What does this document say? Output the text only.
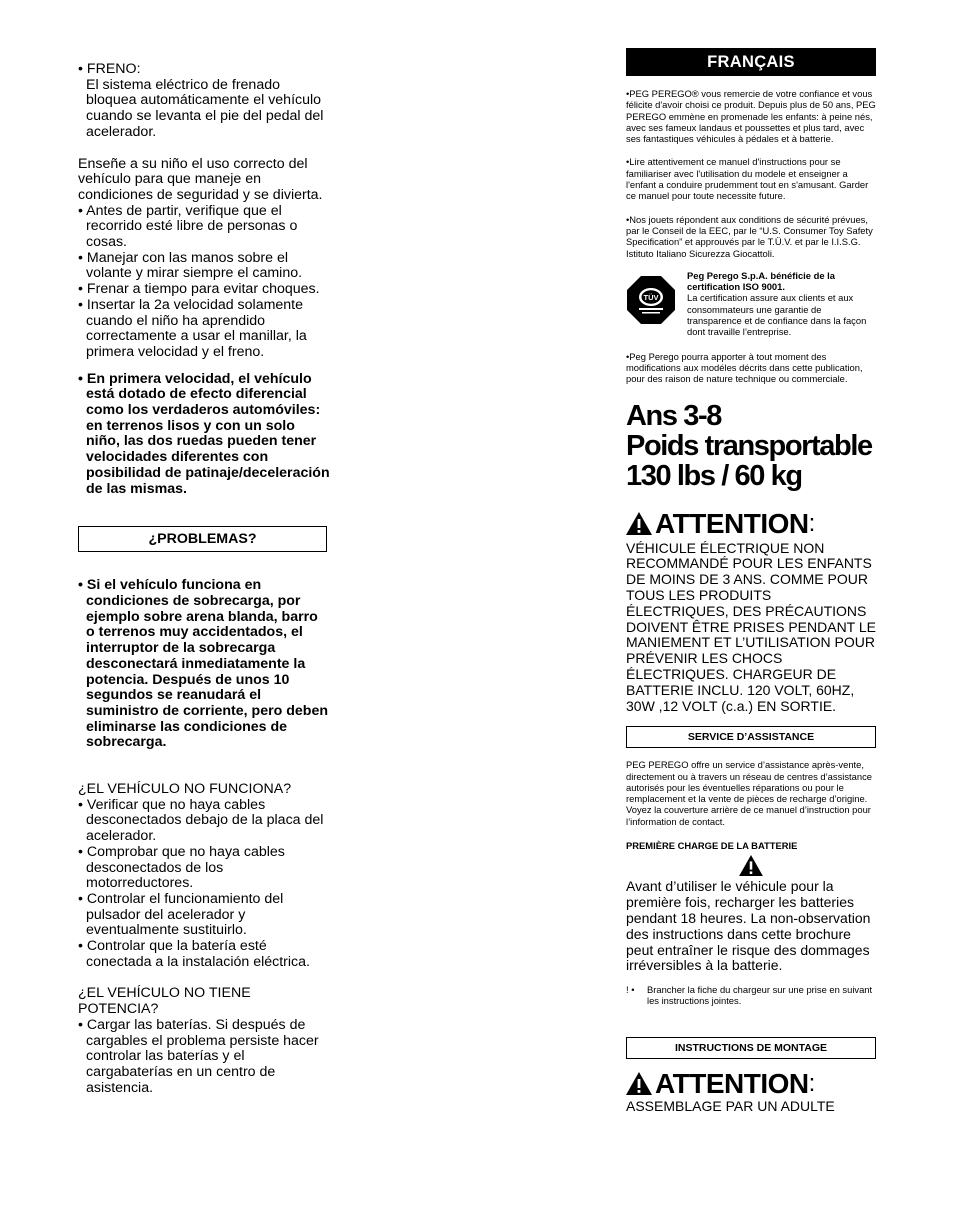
• FRENO:

El sistema eléctrico de frenado bloquea automáticamente el vehículo cuando se levanta el pie del pedal del acelerador.

Enseñe a su niño el uso correcto del vehículo para que maneje en condiciones de seguridad y se divierta.

• Antes de partir, verifique que el recorrido esté libre de personas o cosas.

• Manejar con las manos sobre el volante y mirar siempre el camino.

• Frenar a tiempo para evitar choques.

• Insertar la 2a velocidad solamente cuando el niño ha aprendido correctamente a usar el manillar, la primera velocidad y el freno.

• En primera velocidad, el vehículo está dotado de efecto diferencial como los verdaderos automóviles: en terrenos lisos y con un solo niño, las dos ruedas pueden tener velocidades diferentes con posibilidad de patinaje/deceleración de las mismas.

¿PROBLEMAS?

• Si el vehículo funciona en condiciones de sobrecarga, por ejemplo sobre arena blanda, barro o terrenos muy accidentados, el interruptor de la sobrecarga desconectará inmediatamente la potencia. Después de unos 10 segundos se reanudará el suministro de corriente, pero deben eliminarse las condiciones de sobrecarga.

¿EL VEHÍCULO NO FUNCIONA?

• Verificar que no haya cables desconectados debajo de la placa del acelerador.

• Comprobar que no haya cables desconectados de los motorreductores.

• Controlar el funcionamiento del pulsador del acelerador y eventualmente sustituirlo.

• Controlar que la batería esté conectada a la instalación eléctrica.

¿EL VEHÍCULO NO TIENE POTENCIA?

• Cargar las baterías. Si después de cargables el problema persiste hacer controlar las baterías y el cargabaterías en un centro de asistencia.

FRANÇAIS

•PEG PEREGO® vous remercie de votre confiance et vous félicite d'avoir choisi ce produit. Depuis plus de 50 ans, PEG PEREGO emmène en promenade les enfants: à peine nés, avec ses fameux landaus et poussettes et plus tard, avec ses fantastiques véhicules à pédales et à batterie.

•Lire attentivement ce manuel d'instructions pour se familiariser avec l'utilisation du modele et enseigner a l'enfant a conduire prudemment tout en s'amusant. Garder ce manuel pour toute necessite future.

•Nos jouets répondent aux conditions de sécurité prévues, par le Conseil de la EEC, par le “U.S. Consumer Toy Safety Specification” et approuvés par le T.Ü.V. et par le I.I.S.G. Istituto Italiano Sicurezza Giocattoli.

TÜV

Peg Perego S.p.A. bénéficie de la certification ISO 9001.

La certification assure aux clients et aux consommateurs une garantie de transparence et de confiance dans la façon dont travaille l’entreprise.

•Peg Perego pourra apporter à tout moment des modifications aux modéles décrits dans cette publication, pour des raison de nature technique ou commerciale.

Ans 3-8
Poids transportable
130 lbs / 60 kg
ATTENTION :

VÉHICULE ÉLECTRIQUE NON RECOMMANDÉ POUR LES ENFANTS DE MOINS DE 3 ANS. COMME POUR TOUS LES PRODUITS ÉLECTRIQUES, DES PRÉCAUTIONS DOIVENT ÊTRE PRISES PENDANT LE MANIEMENT ET L’UTILISATION POUR PRÉVENIR LES CHOCS ÉLECTRIQUES. CHARGEUR DE BATTERIE INCLU. 120 VOLT, 60HZ, 30W ,12 VOLT (c.a.) EN SORTIE.

SERVICE D’ASSISTANCE

PEG PEREGO offre un service d’assistance après-vente, directement ou à travers un réseau de centres d’assistance autorisés pour les éventuelles réparations ou pour le remplacement et la vente de pièces de recharge d’origine. Voyez la couverture arrière de ce manuel d’instruction pour l’information de contact.

PREMIÈRE CHARGE DE LA BATTERIE

Avant d’utiliser le véhicule pour la première fois, recharger les batteries pendant 18 heures. La non-observation des instructions dans cette brochure peut entraîner le risque des dommages irréversibles à la batterie.

! •	Brancher la fiche du chargeur sur une prise en suivant les instructions jointes.
INSTRUCTIONS DE MONTAGE
ATTENTION :

ASSEMBLAGE PAR UN ADULTE
